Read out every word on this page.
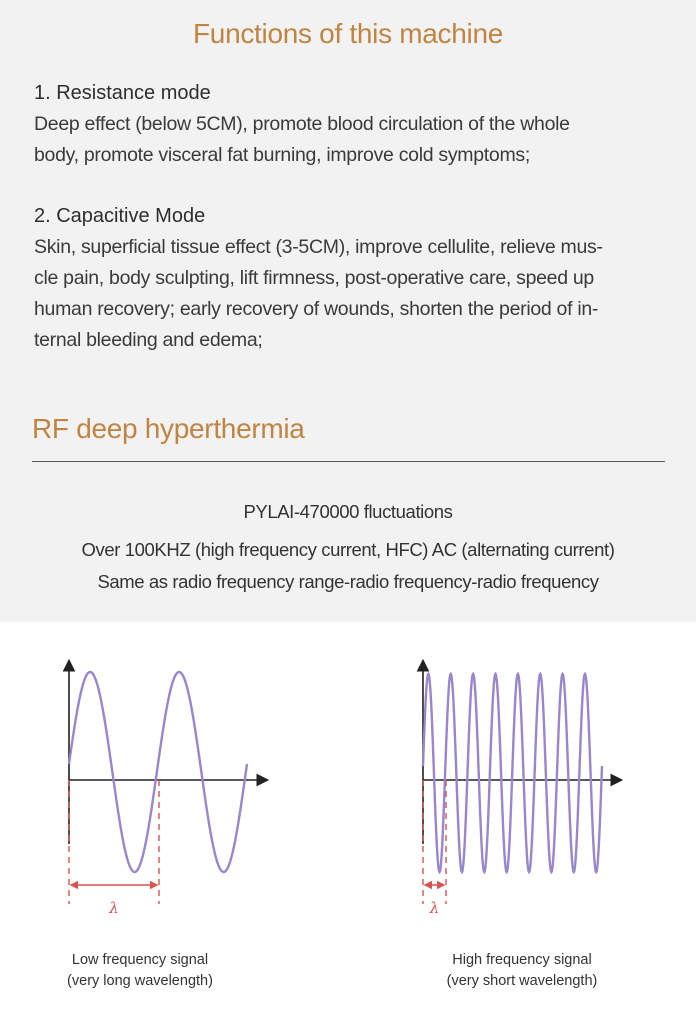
Functions of this machine
1. Resistance mode
Deep effect (below 5CM), promote blood circulation of the whole
body, promote visceral fat burning, improve cold symptoms;
2. Capacitive Mode
Skin, superficial tissue effect (3-5CM), improve cellulite, relieve mus-
cle pain, body sculpting, lift firmness, post-operative care, speed up
human recovery; early recovery of wounds, shorten the period of in-
ternal bleeding and edema;
RF deep hyperthermia
PYLAI-470000 fluctuations
Over 100KHZ (high frequency current, HFC) AC (alternating current)
Same as radio frequency range-radio frequency-radio frequency
λ	λ
Low frequency signal
(very long wavelength)
High frequency signal
(very short wavelength)
